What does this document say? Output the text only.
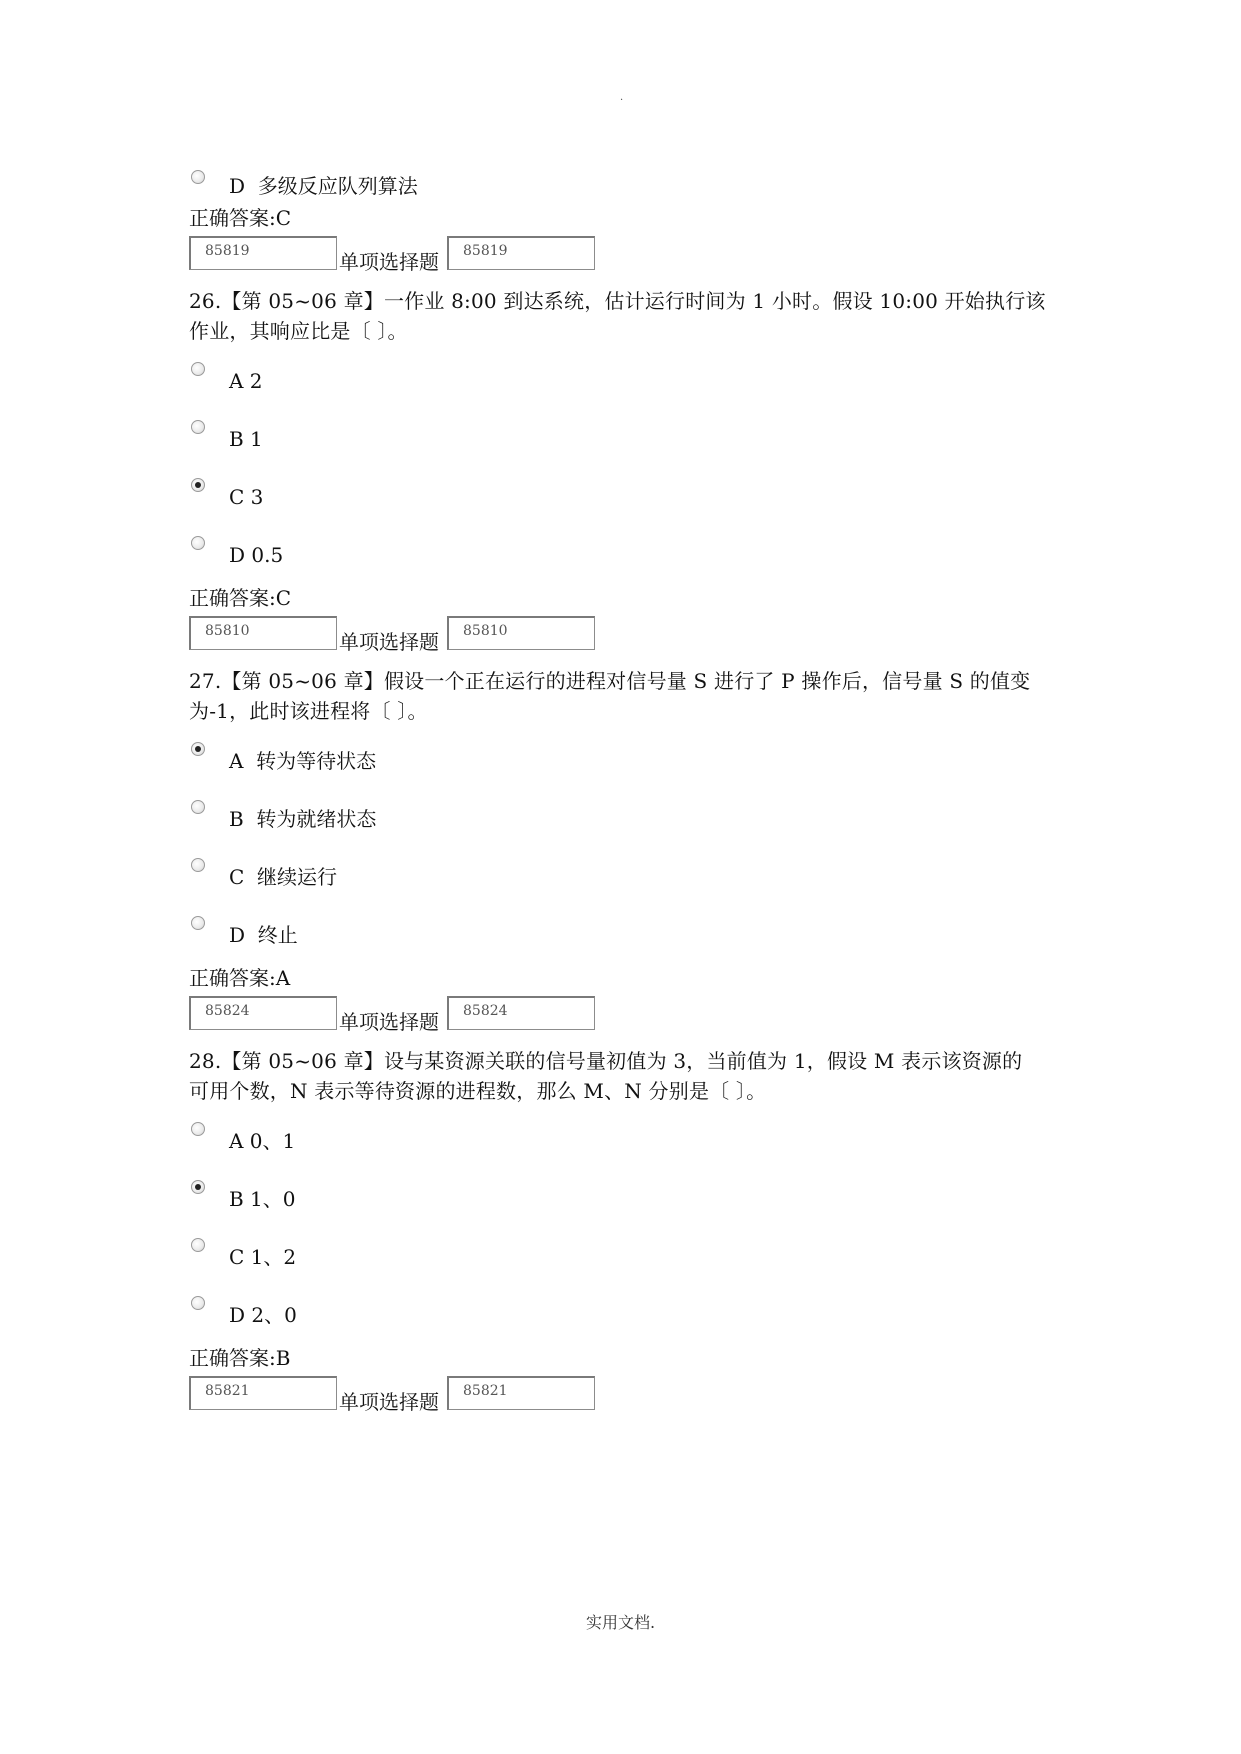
·
D  多级反应队列算法
正确答案:C
85819	单项选择题	85819
26.【第 05~06 章】一作业 8:00 到达系统，估计运行时间为 1 小时。假设 10:00 开始执行该
作业，其响应比是〔 〕。
A 2
B 1
C 3
D 0.5
正确答案:C
85810	单项选择题	85810
27.【第 05~06 章】假设一个正在运行的进程对信号量 S 进行了 P 操作后，信号量 S 的值变
为-1，此时该进程将〔 〕。
A  转为等待状态
B  转为就绪状态
C  继续运行
D  终止
正确答案:A
85824	单项选择题	85824
28.【第 05~06 章】设与某资源关联的信号量初值为 3，当前值为 1，假设 M 表示该资源的
可用个数，N 表示等待资源的进程数，那么 M、N 分别是〔 〕。
A 0、1
B 1、0
C 1、2
D 2、0
正确答案:B
85821	单项选择题	85821
实用文档.
